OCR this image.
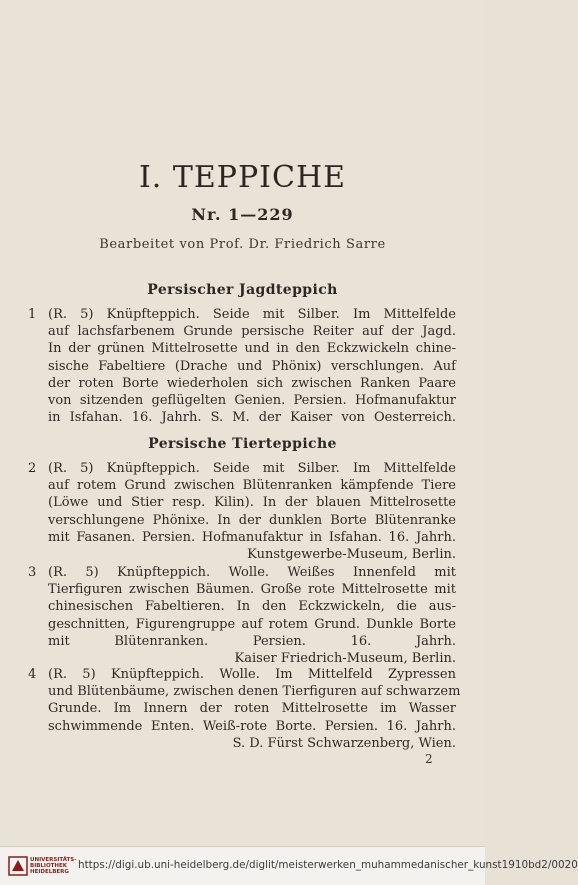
I. TEPPICHE
Nr. 1—229
Bearbeitet von Prof. Dr. Friedrich Sarre
Persischer Jagdteppich
1 (R. 5) Knüpfteppich. Seide mit Silber. Im Mittelfelde
auf lachsfarbenem Grunde persische Reiter auf der Jagd.
In der grünen Mittelrosette und in den Eckzwickeln chine-
sische Fabeltiere (Drache und Phönix) verschlungen. Auf
der roten Borte wiederholen sich zwischen Ranken Paare
von sitzenden geflügelten Genien. Persien. Hofmanufaktur
in Isfahan. 16. Jahrh. S. M. der Kaiser von Oesterreich.
Persische Tierteppiche
2 (R. 5) Knüpfteppich. Seide mit Silber. Im Mittelfelde
auf rotem Grund zwischen Blütenranken kämpfende Tiere
(Löwe und Stier resp. Kilin). In der blauen Mittelrosette
verschlungene Phönixe. In der dunklen Borte Blütenranke
mit Fasanen. Persien. Hofmanufaktur in Isfahan. 16. Jahrh.
Kunstgewerbe-Museum, Berlin.
3 (R. 5) Knüpfteppich. Wolle. Weißes Innenfeld mit
Tierfiguren zwischen Bäumen. Große rote Mittelrosette mit
chinesischen Fabeltieren. In den Eckzwickeln, die aus-
geschnitten, Figurengruppe auf rotem Grund. Dunkle Borte
mit Blütenranken. Persien. 16. Jahrh.
Kaiser Friedrich-Museum, Berlin.
4 (R. 5) Knüpfteppich. Wolle. Im Mittelfeld Zypressen
und Blütenbäume, zwischen denen Tierfiguren auf schwarzem
Grunde. Im Innern der roten Mittelrosette im Wasser
schwimmende Enten. Weiß-rote Borte. Persien. 16. Jahrh.
S. D. Fürst Schwarzenberg, Wien.
2
UNIVERSITÄTS-
BIBLIOTHEK
HEIDELBERG
https://digi.ub.uni-heidelberg.de/diglit/meisterwerken_muhammedanischer_kunst1910bd2/0020
